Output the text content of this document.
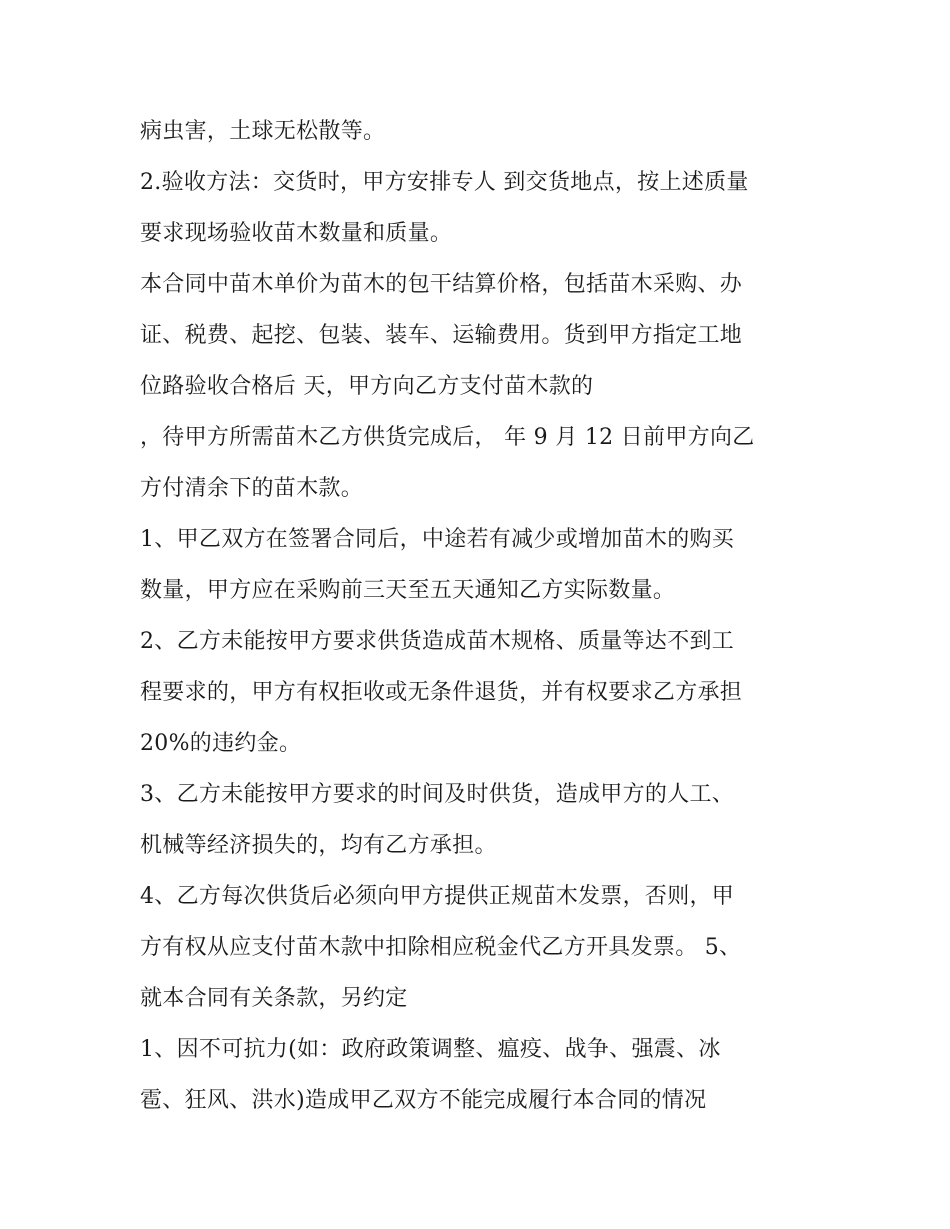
病虫害，土球无松散等。
2.验收方法：交货时，甲方安排专人 到交货地点，按上述质量
要求现场验收苗木数量和质量。
本合同中苗木单价为苗木的包干结算价格，包括苗木采购、办
证、税费、起挖、包装、装车、运输费用。货到甲方指定工地
位路验收合格后 天，甲方向乙方支付苗木款的
，待甲方所需苗木乙方供货完成后， 年 9 月 12 日前甲方向乙
方付清余下的苗木款。
1、甲乙双方在签署合同后，中途若有减少或增加苗木的购买
数量，甲方应在采购前三天至五天通知乙方实际数量。
2、乙方未能按甲方要求供货造成苗木规格、质量等达不到工
程要求的，甲方有权拒收或无条件退货，并有权要求乙方承担
20%的违约金。
3、乙方未能按甲方要求的时间及时供货，造成甲方的人工、
机械等经济损失的，均有乙方承担。
4、乙方每次供货后必须向甲方提供正规苗木发票，否则，甲
方有权从应支付苗木款中扣除相应税金代乙方开具发票。 5、
就本合同有关条款，另约定
1、因不可抗力(如：政府政策调整、瘟疫、战争、强震、冰
雹、狂风、洪水)造成甲乙双方不能完成履行本合同的情况
